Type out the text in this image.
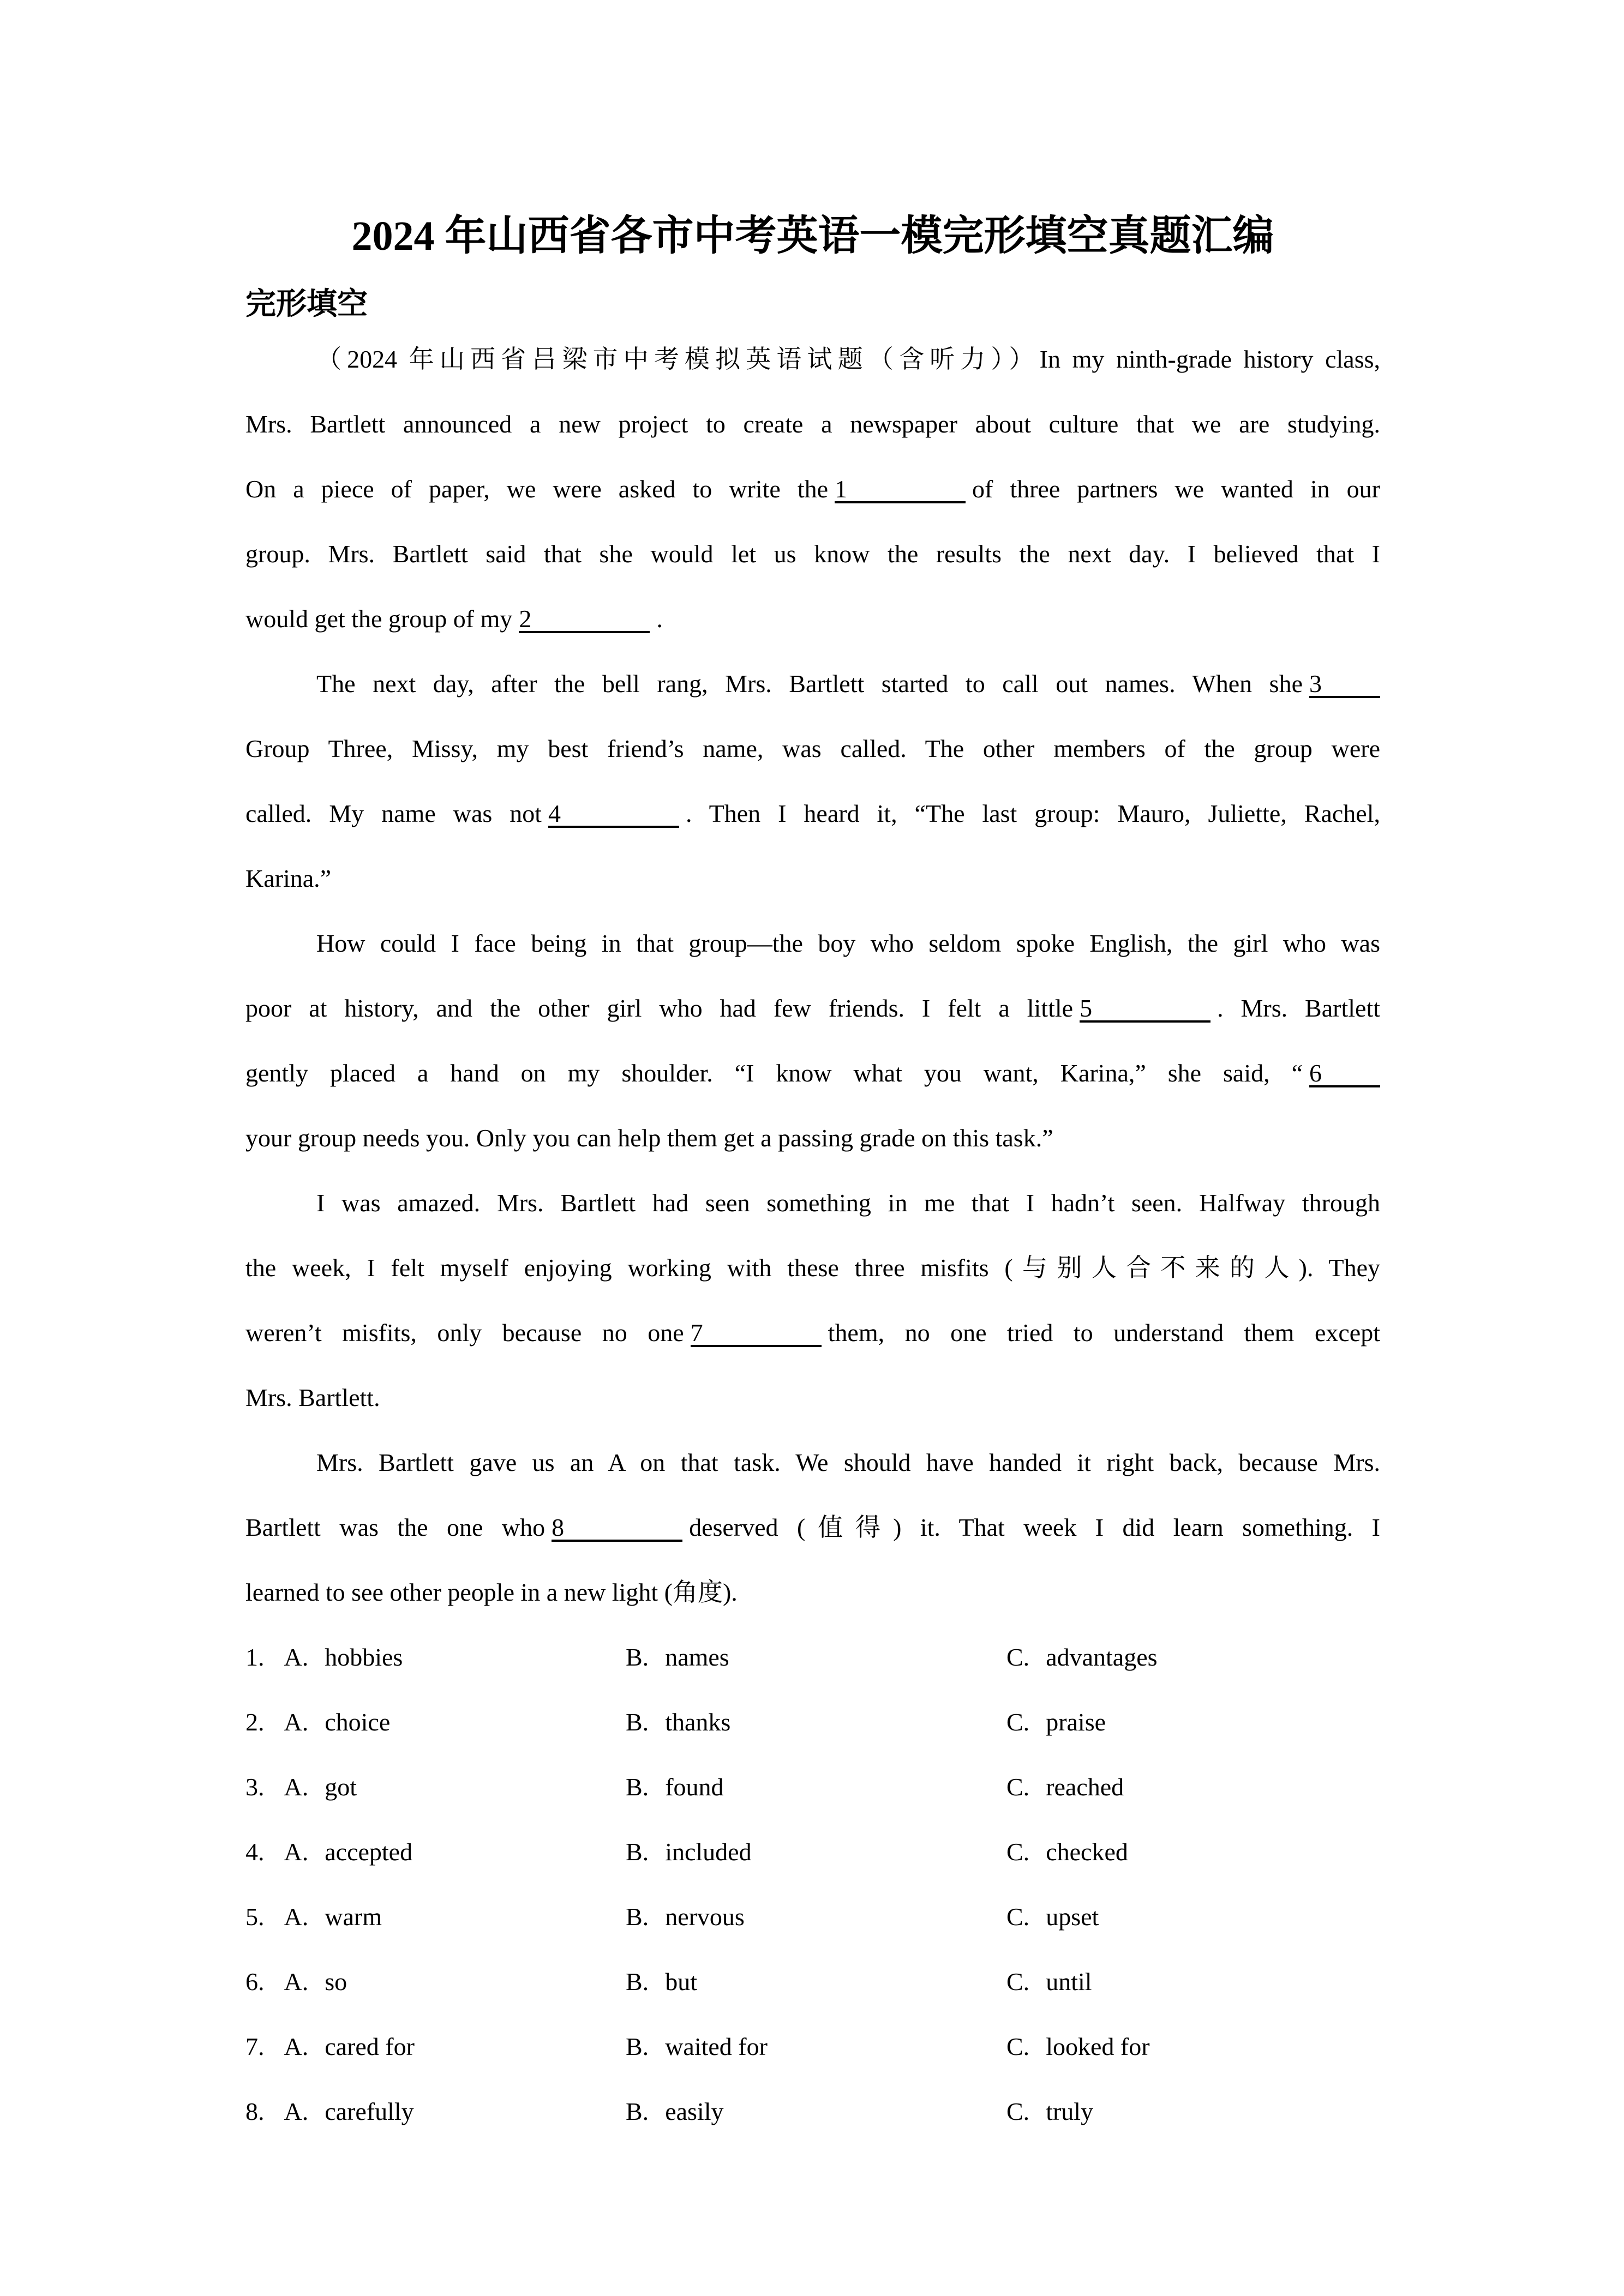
2024 年山西省各市中考英语一模完形填空真题汇编
完形填空
（2024 年山西省吕梁市中考模拟英语试题（含听力））In my ninth-grade history class,
Mrs. Bartlett announced a new project to create a newspaper about culture that we are studying.
On a piece of paper, we were asked to write the 1	of three partners we wanted in our
group. Mrs. Bartlett said that she would let us know the results the next day. I believed that I
would get the group of my 2	.
The next day, after the bell rang, Mrs. Bartlett started to call out names. When she 3
Group Three, Missy, my best friend’s name, was called. The other members of the group were
called. My name was not 4	. Then I heard it, “The last group: Mauro, Juliette, Rachel,
Karina.”
How could I face being in that group—the boy who seldom spoke English, the girl who was
poor at history, and the other girl who had few friends. I felt a little 5	. Mrs. Bartlett
gently placed a hand on my shoulder. “I know what you want, Karina,” she said, “ 6
your group needs you. Only you can help them get a passing grade on this task.”
I was amazed. Mrs. Bartlett had seen something in me that I hadn’t seen. Halfway through
the week, I felt myself enjoying working with these three misfits (与别人合不来的人). They
weren’t misfits, only because no one 7	them, no one tried to understand them except
Mrs. Bartlett.
Mrs. Bartlett gave us an A on that task. We should have handed it right back, because Mrs.
Bartlett was the one who 8	deserved (值得) it. That week I did learn something. I
learned to see other people in a new light (角度).
1. A. hobbies	B. names	C. advantages
2. A. choice	B. thanks	C. praise
3. A. got	B. found	C. reached
4. A. accepted	B. included	C. checked
5. A. warm	B. nervous	C. upset
6. A. so	B. but	C. until
7. A. cared for	B. waited for	C. looked for
8. A. carefully	B. easily	C. truly
